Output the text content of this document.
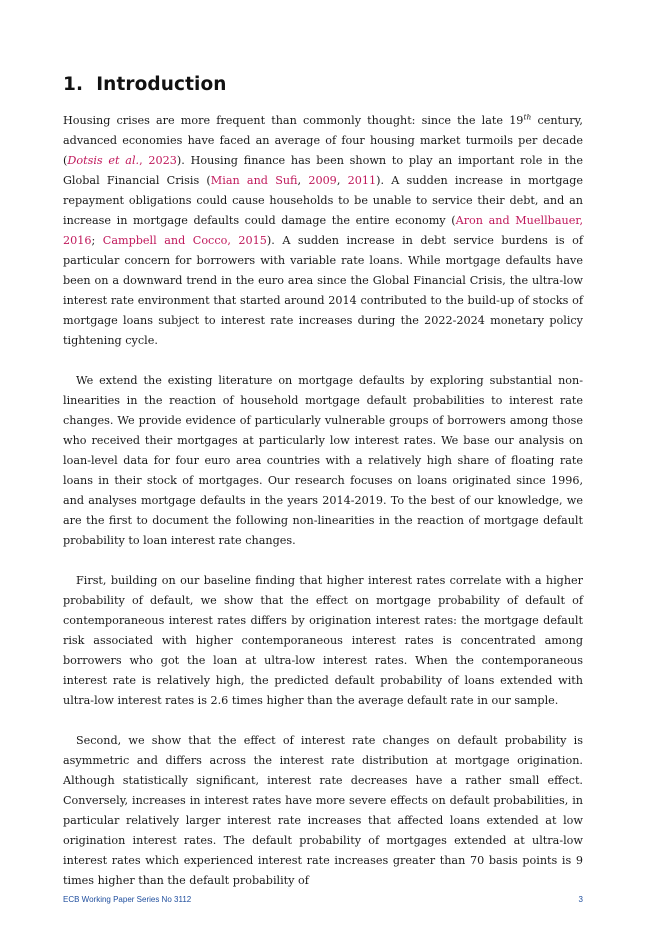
1. Introduction

Housing crises are more frequent than commonly thought: since the late 19th century, advanced economies have faced an average of four housing market turmoils per decade (Dotsis et al., 2023). Housing finance has been shown to play an important role in the Global Financial Crisis (Mian and Sufi, 2009, 2011). A sudden increase in mortgage repayment obligations could cause households to be unable to service their debt, and an increase in mortgage defaults could damage the entire economy (Aron and Muellbauer, 2016; Campbell and Cocco, 2015). A sudden increase in debt service burdens is of particular concern for borrowers with variable rate loans. While mortgage defaults have been on a downward trend in the euro area since the Global Financial Crisis, the ultra-low interest rate environment that started around 2014 contributed to the build-up of stocks of mortgage loans subject to interest rate increases during the 2022-2024 monetary policy tightening cycle.

We extend the existing literature on mortgage defaults by exploring substantial non-linearities in the reaction of household mortgage default probabilities to interest rate changes. We provide evidence of particularly vulnerable groups of borrowers among those who received their mortgages at particularly low interest rates. We base our analysis on loan-level data for four euro area countries with a relatively high share of floating rate loans in their stock of mortgages. Our research focuses on loans originated since 1996, and analyses mortgage defaults in the years 2014-2019. To the best of our knowledge, we are the first to document the following non-linearities in the reaction of mortgage default probability to loan interest rate changes.

First, building on our baseline finding that higher interest rates correlate with a higher probability of default, we show that the effect on mortgage probability of default of contemporaneous interest rates differs by origination interest rates: the mortgage default risk associated with higher contemporaneous interest rates is concentrated among borrowers who got the loan at ultra-low interest rates. When the contemporaneous interest rate is relatively high, the predicted default probability of loans extended with ultra-low interest rates is 2.6 times higher than the average default rate in our sample.

Second, we show that the effect of interest rate changes on default probability is asymmetric and differs across the interest rate distribution at mortgage origination. Although statistically significant, interest rate decreases have a rather small effect. Conversely, increases in interest rates have more severe effects on default probabilities, in particular relatively larger interest rate increases that affected loans extended at low origination interest rates. The default probability of mortgages extended at ultra-low interest rates which experienced interest rate increases greater than 70 basis points is 9 times higher than the default probability of

ECB Working Paper Series No 3112	3
